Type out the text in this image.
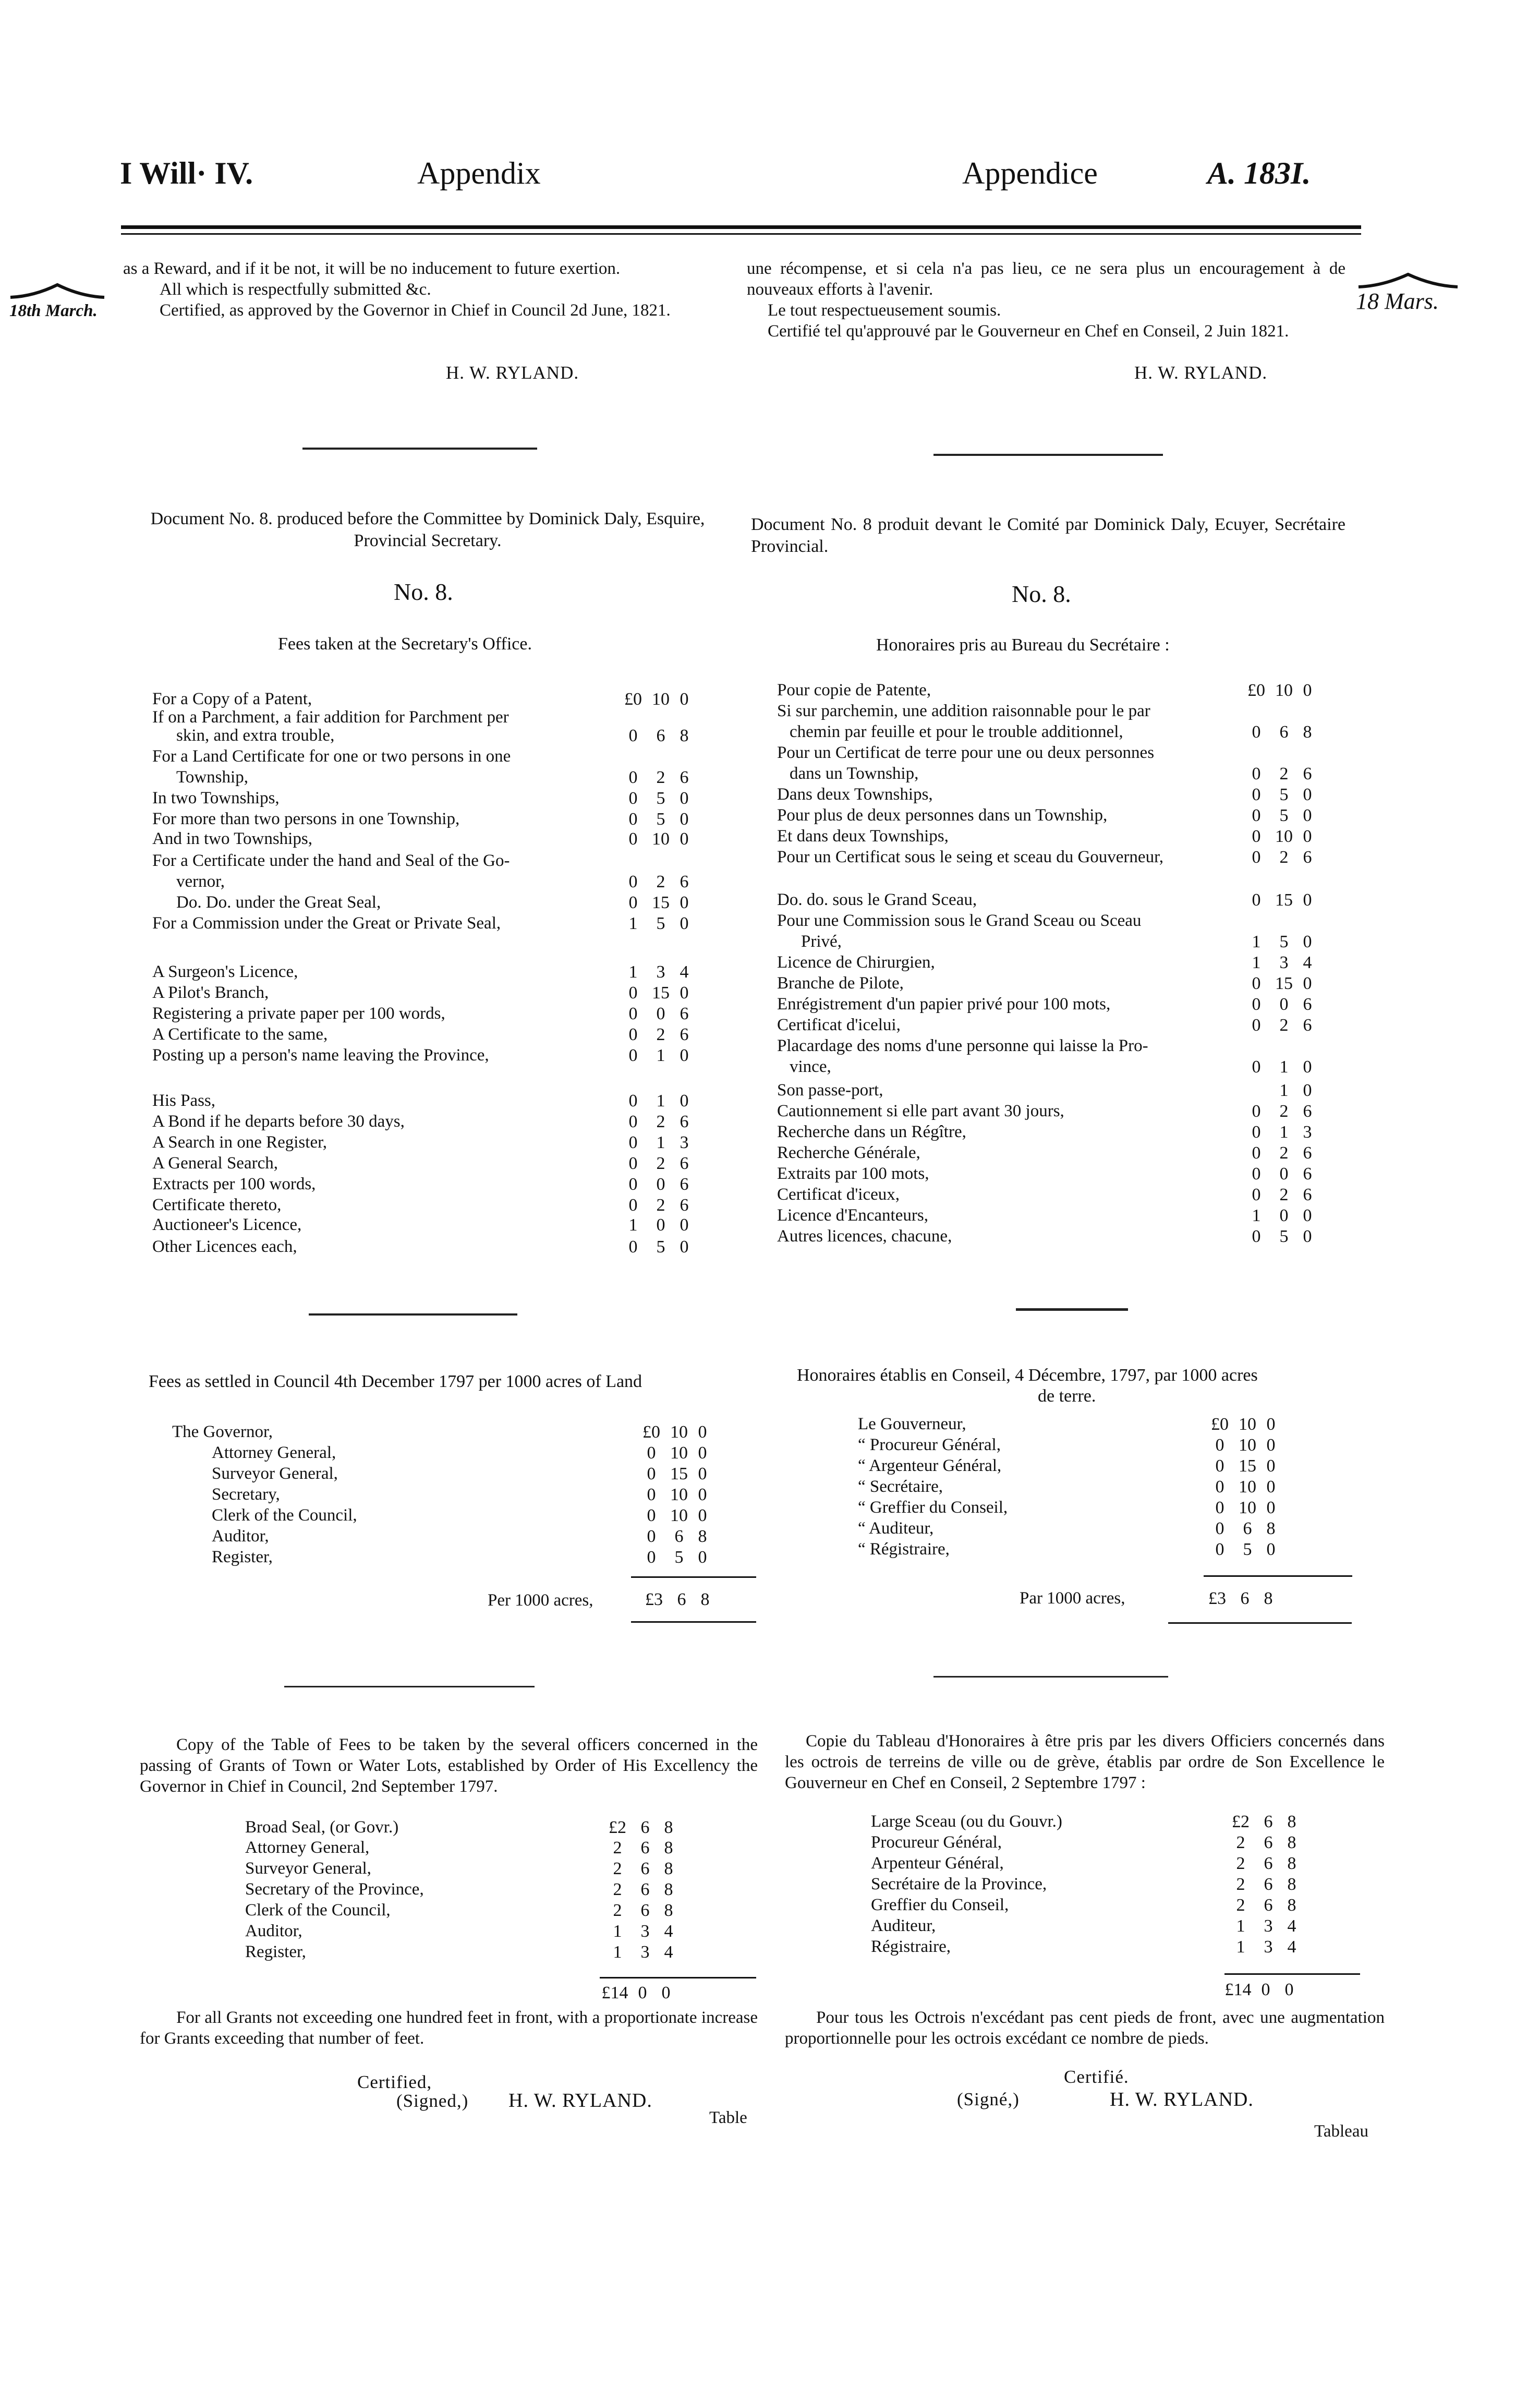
I Will· IV.	Appendix	Appendice	A. 183I.
18th March.	18 Mars.

as a Reward, and if it be not, it will be no inducement to future exertion.

All which is respectfully submitted &c.

Certified, as approved by the Governor in Chief in Council 2d June, 1821.

H. W. RYLAND.

une récompense, et si cela n'a pas lieu, ce ne sera plus un encouragement à de nouveaux efforts à l'avenir.

Le tout respectueusement soumis.

Certifié tel qu'approuvé par le Gouverneur en Chef en Conseil, 2 Juin 1821.

H. W. RYLAND.
Document No. 8. produced before the Committee by Dominick Daly, Esquire, Provincial Secretary.
Document No. 8 produit devant le Comité par Dominick Daly, Ecuyer, Secrétaire Provincial.
No. 8.	No. 8.
Fees taken at the Secretary's Office.	Honoraires pris au Bureau du Secrétaire :
For a Copy of a Patent,	£0 10 0
If on a Parchment, a fair addition for Parchment per
skin, and extra trouble,	0 6 8
For a Land Certificate for one or two persons in one
Township,	0 2 6
In two Townships,	0 5 0
For more than two persons in one Township,	0 5 0
And in two Townships,	0 10 0
For a Certificate under the hand and Seal of the Go-
vernor,	0 2 6
Do. Do. under the Great Seal,	0 15 0
For a Commission under the Great or Private Seal,	1 5 0
A Surgeon's Licence,	1 3 4
A Pilot's Branch,	0 15 0
Registering a private paper per 100 words,	0 0 6
A Certificate to the same,	0 2 6
Posting up a person's name leaving the Province,	0 1 0
His Pass,	0 1 0
A Bond if he departs before 30 days,	0 2 6
A Search in one Register,	0 1 3
A General Search,	0 2 6
Extracts per 100 words,	0 0 6
Certificate thereto,	0 2 6
Auctioneer's Licence,	1 0 0
Other Licences each,	0 5 0
Pour copie de Patente,	£0 10 0
Si sur parchemin, une addition raisonnable pour le par
chemin par feuille et pour le trouble additionnel,	0 6 8
Pour un Certificat de terre pour une ou deux personnes
dans un Township,	0 2 6
Dans deux Townships,	0 5 0
Pour plus de deux personnes dans un Township,	0 5 0
Et dans deux Townships,	0 10 0
Pour un Certificat sous le seing et sceau du Gouverneur,	0 2 6
Do. do. sous le Grand Sceau,	0 15 0
Pour une Commission sous le Grand Sceau ou Sceau
Privé,	1 5 0
Licence de Chirurgien,	1 3 4
Branche de Pilote,	0 15 0
Enrégistrement d'un papier privé pour 100 mots,	0 0 6
Certificat d'icelui,	0 2 6
Placardage des noms d'une personne qui laisse la Pro-
vince,	0 1 0
Son passe-port,	1 0
Cautionnement si elle part avant 30 jours,	0 2 6
Recherche dans un Régître,	0 1 3
Recherche Générale,	0 2 6
Extraits par 100 mots,	0 0 6
Certificat d'iceux,	0 2 6
Licence d'Encanteurs,	1 0 0
Autres licences, chacune,	0 5 0
Fees as settled in Council 4th December 1797 per 1000 acres of Land	Honoraires établis en Conseil, 4 Décembre, 1797, par 1000 acres
de terre.
The Governor,	£0 10 0
Attorney General,	0 10 0
Surveyor General,	0 15 0
Secretary,	0 10 0
Clerk of the Council,	0 10 0
Auditor,	0 6 8
Register,	0 5 0
Le Gouverneur,	£0 10 0
“ Procureur Général,	0 10 0
“ Argenteur Général,	0 15 0
“ Secrétaire,	0 10 0
“ Greffier du Conseil,	0 10 0
“ Auditeur,	0 6 8
“ Régistraire,	0 5 0
Per 1000 acres,	£3 6 8	Par 1000 acres,	£3 6 8
Copy of the Table of Fees to be taken by the several officers concerned in the passing of Grants of Town or Water Lots, established by Order of His Excellency the Governor in Chief in Council, 2nd September 1797.
Copie du Tableau d'Honoraires à être pris par les divers Officiers concernés dans les octrois de terreins de ville ou de grève, établis par ordre de Son Excellence le Gouverneur en Chef en Conseil, 2 Septembre 1797 :
Broad Seal, (or Govr.)	£2 6 8
Attorney General,	2 6 8
Surveyor General,	2 6 8
Secretary of the Province,	2 6 8
Clerk of the Council,	2 6 8
Auditor,	1 3 4
Register,	1 3 4
Large Sceau (ou du Gouvr.)	£2 6 8
Procureur Général,	2 6 8
Arpenteur Général,	2 6 8
Secrétaire de la Province,	2 6 8
Greffier du Conseil,	2 6 8
Auditeur,	1 3 4
Régistraire,	1 3 4
£14 0 0	£14 0 0
For all Grants not exceeding one hundred feet in front, with a proportionate increase for Grants exceeding that number of feet.
Pour tous les Octrois n'excédant pas cent pieds de front, avec une augmentation proportionnelle pour les octrois excédant ce nombre de pieds.
Certified,
(Signed,) H. W. RYLAND.
Certifié.
(Signé,)	H. W. RYLAND.
Table
Tableau
